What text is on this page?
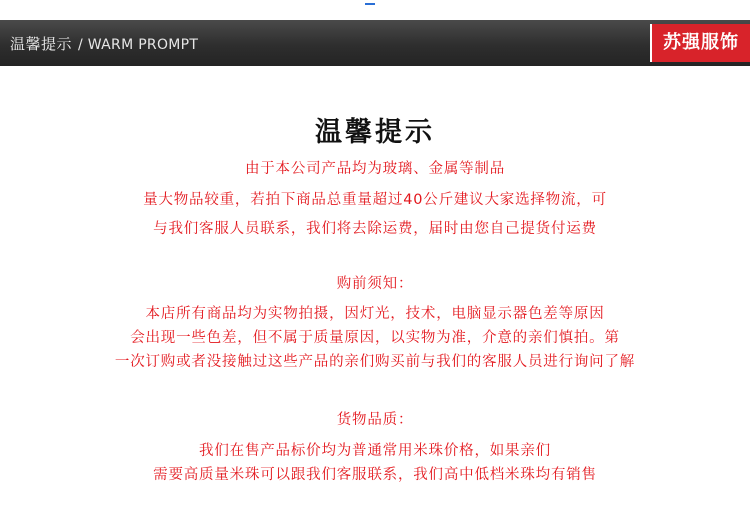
温馨提示 / WARM PROMPT	苏强服饰
温馨提示
由于本公司产品均为玻璃、金属等制品
量大物品较重，若拍下商品总重量超过40公斤建议大家选择物流，可
与我们客服人员联系，我们将去除运费，届时由您自己提货付运费
购前须知：
本店所有商品均为实物拍摄，因灯光，技术，电脑显示器色差等原因
会出现一些色差，但不属于质量原因，以实物为准，介意的亲们慎拍。第
一次订购或者没接触过这些产品的亲们购买前与我们的客服人员进行询问了解
货物品质：
我们在售产品标价均为普通常用米珠价格，如果亲们
需要高质量米珠可以跟我们客服联系，我们高中低档米珠均有销售
